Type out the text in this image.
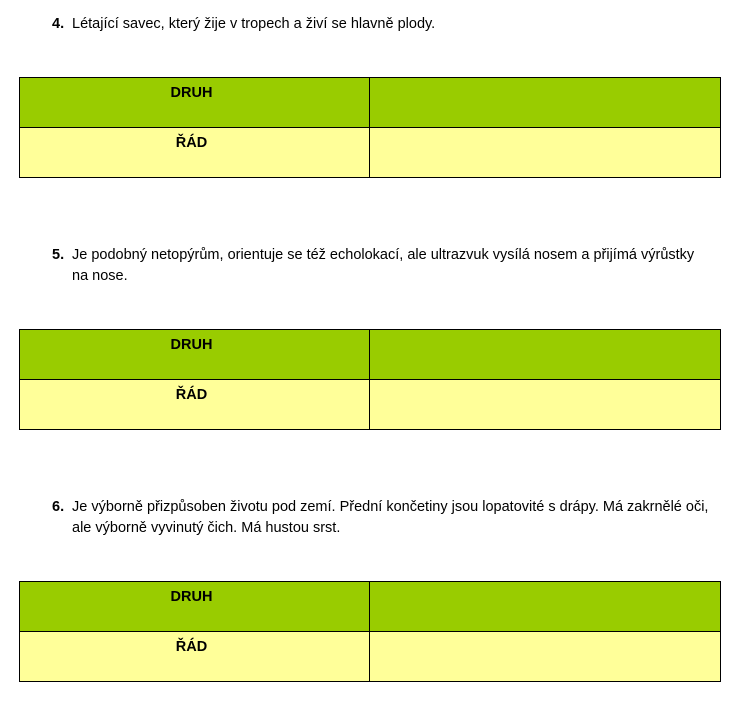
4. Létající savec, který žije v tropech a živí se hlavně plody.
DRUH	
ŘÁD	
5. Je podobný netopýrům, orientuje se též echolokací, ale ultrazvuk vysílá nosem a přijímá výrůstky na nose.
DRUH	
ŘÁD	
6. Je výborně přizpůsoben životu pod zemí. Přední končetiny jsou lopatovité s drápy. Má zakrnělé oči, ale výborně vyvinutý čich. Má hustou srst.
DRUH	
ŘÁD	
